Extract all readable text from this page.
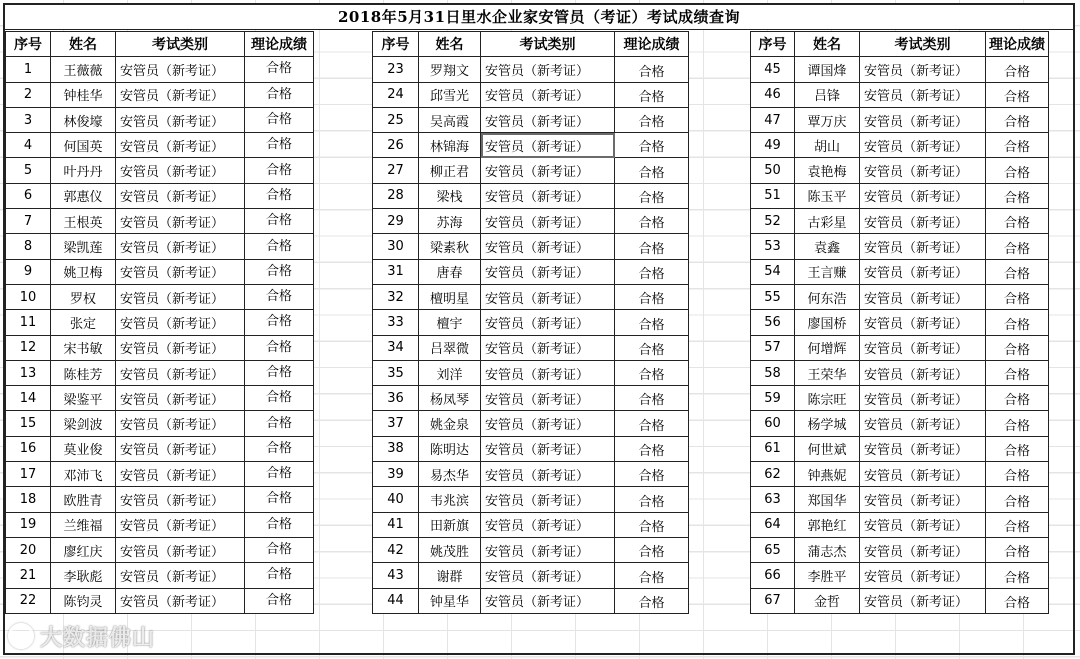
2018年5月31日里水企业家安管员（考证）考试成绩查询
序号	姓名	考试类别	理论成绩
1	王薇薇	安管员（新考证）	合格
2	钟桂华	安管员（新考证）	合格
3	林俊壕	安管员（新考证）	合格
4	何国英	安管员（新考证）	合格
5	叶丹丹	安管员（新考证）	合格
6	郭惠仪	安管员（新考证）	合格
7	王根英	安管员（新考证）	合格
8	梁凯莲	安管员（新考证）	合格
9	姚卫梅	安管员（新考证）	合格
10	罗权	安管员（新考证）	合格
11	张定	安管员（新考证）	合格
12	宋书敏	安管员（新考证）	合格
13	陈桂芳	安管员（新考证）	合格
14	梁鉴平	安管员（新考证）	合格
15	梁剑波	安管员（新考证）	合格
16	莫业俊	安管员（新考证）	合格
17	邓沛飞	安管员（新考证）	合格
18	欧胜青	安管员（新考证）	合格
19	兰维福	安管员（新考证）	合格
20	廖红庆	安管员（新考证）	合格
21	李耿彪	安管员（新考证）	合格
22	陈钧灵	安管员（新考证）	合格
序号	姓名	考试类别	理论成绩
23	罗翔文	安管员（新考证）	合格
24	邱雪光	安管员（新考证）	合格
25	吴高霞	安管员（新考证）	合格
26	林锦海	安管员（新考证）	合格
27	柳正君	安管员（新考证）	合格
28	梁栈	安管员（新考证）	合格
29	苏海	安管员（新考证）	合格
30	梁素秋	安管员（新考证）	合格
31	唐春	安管员（新考证）	合格
32	檀明星	安管员（新考证）	合格
33	檀宇	安管员（新考证）	合格
34	吕翠微	安管员（新考证）	合格
35	刘洋	安管员（新考证）	合格
36	杨凤琴	安管员（新考证）	合格
37	姚金泉	安管员（新考证）	合格
38	陈明达	安管员（新考证）	合格
39	易杰华	安管员（新考证）	合格
40	韦兆滨	安管员（新考证）	合格
41	田新旗	安管员（新考证）	合格
42	姚茂胜	安管员（新考证）	合格
43	谢群	安管员（新考证）	合格
44	钟星华	安管员（新考证）	合格
序号	姓名	考试类别	理论成绩
45	谭国烽	安管员（新考证）	合格
46	吕锋	安管员（新考证）	合格
47	覃万庆	安管员（新考证）	合格
49	胡山	安管员（新考证）	合格
50	袁艳梅	安管员（新考证）	合格
51	陈玉平	安管员（新考证）	合格
52	古彩星	安管员（新考证）	合格
53	袁鑫	安管员（新考证）	合格
54	王言赚	安管员（新考证）	合格
55	何东浩	安管员（新考证）	合格
56	廖国桥	安管员（新考证）	合格
57	何增辉	安管员（新考证）	合格
58	王荣华	安管员（新考证）	合格
59	陈宗旺	安管员（新考证）	合格
60	杨学城	安管员（新考证）	合格
61	何世斌	安管员（新考证）	合格
62	钟燕妮	安管员（新考证）	合格
63	郑国华	安管员（新考证）	合格
64	郭艳红	安管员（新考证）	合格
65	蒲志杰	安管员（新考证）	合格
66	李胜平	安管员（新考证）	合格
67	金哲	安管员（新考证）	合格
大数据佛山
